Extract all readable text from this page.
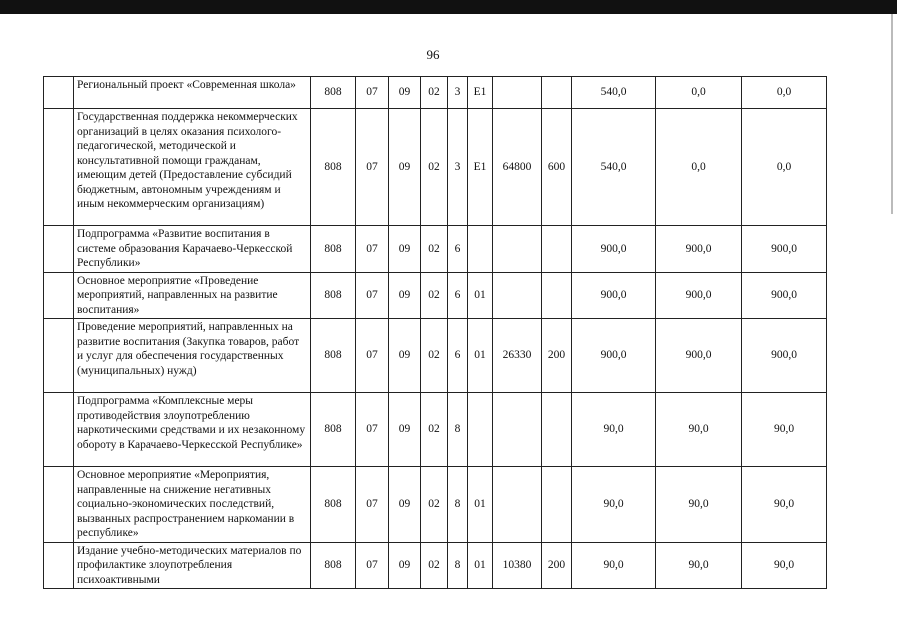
96
	Региональный проект «Современная школа»	808	07	09	02	3	E1			540,0	0,0	0,0
	Государственная поддержка некоммерческих организаций в целях оказания психолого-педагогической, методической и консультативной помощи гражданам, имеющим детей (Предоставление субсидий бюджетным, автономным учреждениям и иным некоммерческим организациям)	808	07	09	02	3	E1	64800	600	540,0	0,0	0,0
	Подпрограмма «Развитие воспитания в системе образования Карачаево-Черкесской Республики»	808	07	09	02	6				900,0	900,0	900,0
	Основное мероприятие «Проведение мероприятий, направленных на развитие воспитания»	808	07	09	02	6	01			900,0	900,0	900,0
	Проведение мероприятий, направленных на развитие воспитания (Закупка товаров, работ и услуг для обеспечения государственных (муниципальных) нужд)	808	07	09	02	6	01	26330	200	900,0	900,0	900,0
	Подпрограмма «Комплексные меры противодействия злоупотреблению наркотическими средствами и их незаконному обороту в Карачаево-Черкесской Республике»	808	07	09	02	8				90,0	90,0	90,0
	Основное мероприятие «Мероприятия, направленные на снижение негативных социально-экономических последствий, вызванных распространением наркомании в республике»	808	07	09	02	8	01			90,0	90,0	90,0
	Издание учебно-методических материалов по профилактике злоупотребления психоактивными	808	07	09	02	8	01	10380	200	90,0	90,0	90,0
